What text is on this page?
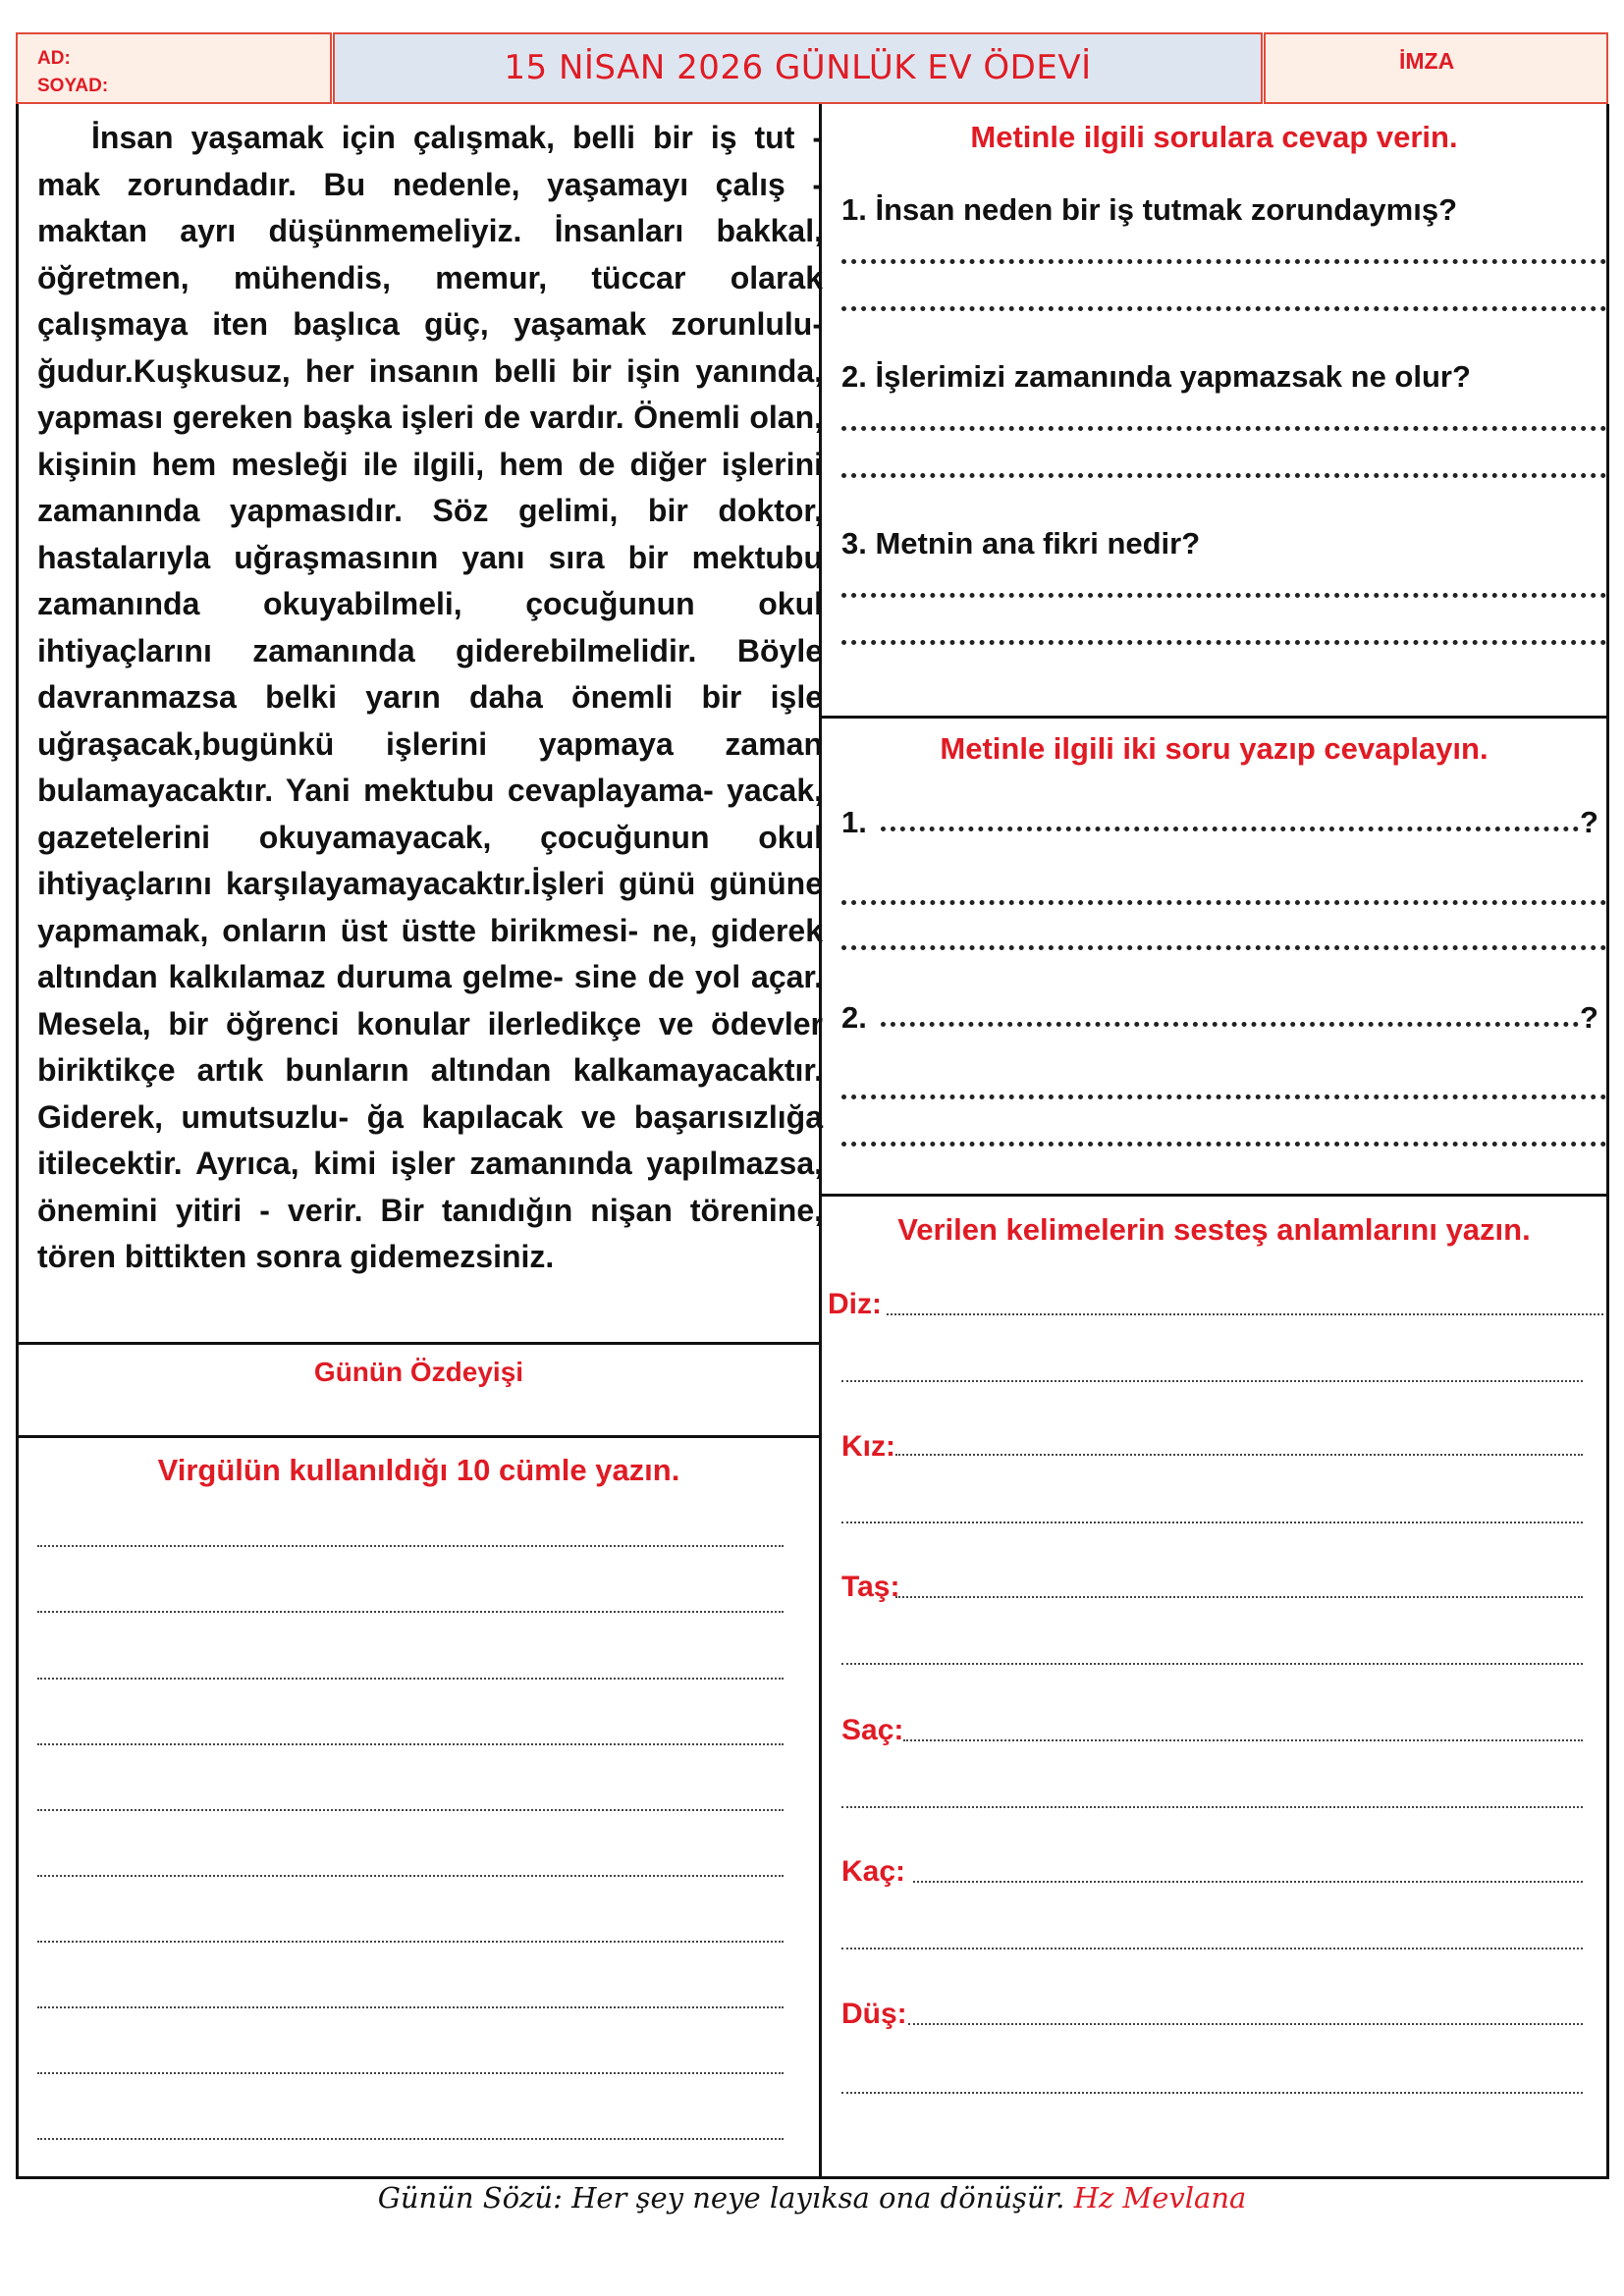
AD:
SOYAD:	15 NİSAN 2026 GÜNLÜK EV ÖDEVİ	İMZA

İnsan yaşamak için çalışmak, belli bir iş tut - mak zorundadır. Bu nedenle, yaşamayı çalış - maktan ayrı düşünmemeliyiz. İnsanları bakkal, öğretmen, mühendis, memur, tüccar olarak çalışmaya iten başlıca güç, yaşamak zorunlulu- ğudur.Kuşkusuz, her insanın belli bir işin yanında, yapması gereken başka işleri de vardır. Önemli olan, kişinin hem mesleği ile ilgili, hem de diğer işlerini zamanında yapmasıdır. Söz gelimi, bir doktor, hastalarıyla uğraşmasının yanı sıra bir mektubu zamanında okuyabilmeli, çocuğunun okul ihtiyaçlarını zamanında giderebilmelidir. Böyle davranmazsa belki yarın daha önemli bir işle uğraşacak,bugünkü işlerini yapmaya zaman bulamayacaktır. Yani mektubu cevaplayama- yacak, gazetelerini okuyamayacak, çocuğunun okul ihtiyaçlarını karşılayamayacaktır.İşleri günü gününe yapmamak, onların üst üstte birikmesi- ne, giderek altından kalkılamaz duruma gelme- sine de yol açar. Mesela, bir öğrenci konular ilerledikçe ve ödevler biriktikçe artık bunların altından kalkamayacaktır. Giderek, umutsuzlu- ğa kapılacak ve başarısızlığa itilecektir. Ayrıca, kimi işler zamanında yapılmazsa, önemini yitiri - verir. Bir tanıdığın nişan törenine, tören bittikten sonra gidemezsiniz.

Günün Özdeyişi
Virgülün kullanıldığı 10 cümle yazın.
Metinle ilgili sorulara cevap verin.
1. İnsan neden bir iş tutmak zorundaymış?
2. İşlerimizi zamanında yapmazsak ne olur?
3. Metnin ana fikri nedir?
Metinle ilgili iki soru yazıp cevaplayın.
1.	?
2.	?
Verilen kelimelerin sesteş anlamlarını yazın.
Diz:
Kız:
Taş:
Saç:
Kaç:
Düş:
Günün Sözü: Her şey neye layıksa ona dönüşür. Hz Mevlana
